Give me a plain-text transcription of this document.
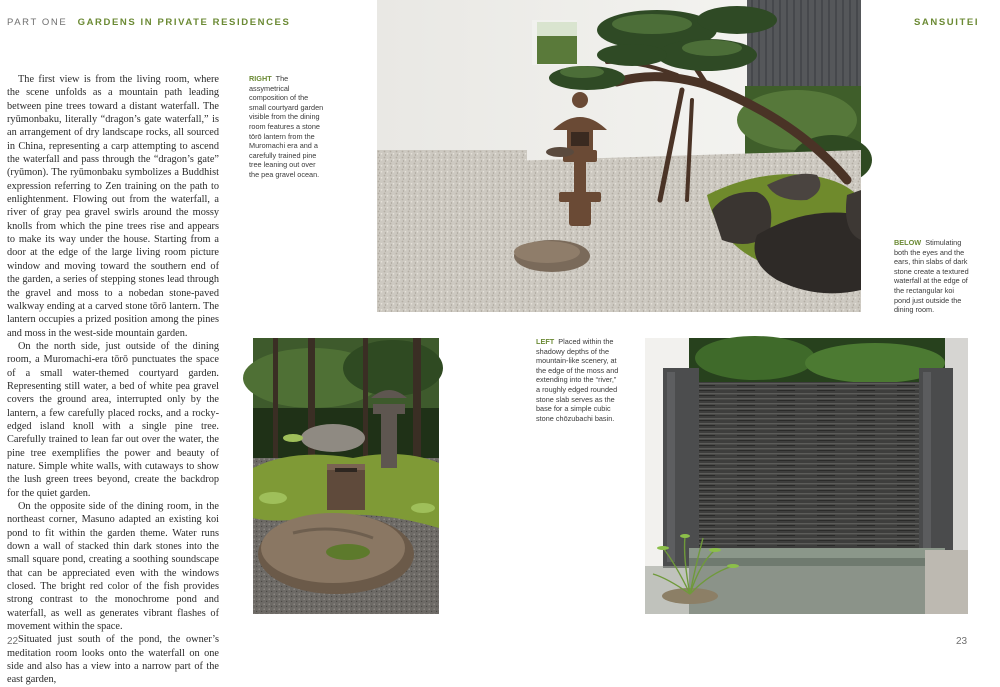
PART ONE GARDENS IN PRIVATE RESIDENCES	SANSUITEI

The first view is from the living room, where the scene unfolds as a mountain path leading between pine trees toward a distant waterfall. The ryūmonbaku, literally “dragon’s gate waterfall,” is an arrangement of dry landscape rocks, all sourced in China, representing a carp attempting to ascend the waterfall and pass through the “dragon’s gate” (ryūmon). The ryūmonbaku symbolizes a Buddhist expression referring to Zen training on the path to enlightenment. Flowing out from the waterfall, a river of gray pea gravel swirls around the mossy knolls from which the pine trees rise and appears to make its way under the house. Starting from a door at the edge of the large living room picture window and moving toward the southern end of the garden, a series of stepping stones lead through the gravel and moss to a nobedan stone-paved walkway ending at a carved stone tōrō lantern. The lantern occupies a prized position among the pines and moss in the west-side mountain garden.

On the north side, just outside of the dining room, a Muromachi-era tōrō punctuates the space of a small water-themed courtyard garden. Representing still water, a bed of white pea gravel covers the ground area, interrupted only by the lantern, a few carefully placed rocks, and a rocky-edged island knoll with a single pine tree. Carefully trained to lean far out over the water, the pine tree exemplifies the power and beauty of nature. Simple white walls, with cutaways to show the lush green trees beyond, create the backdrop for the quiet garden.

On the opposite side of the dining room, in the northeast corner, Masuno adapted an existing koi pond to fit within the garden theme. Water runs down a wall of stacked thin dark stones into the small square pond, creating a soothing soundscape that can be appreciated even with the windows closed. The bright red color of the fish provides strong contrast to the monochrome pond and waterfall, as well as generates vibrant flashes of movement within the space.

Situated just south of the pond, the owner’s meditation room looks onto the waterfall on one side and also has a view into a narrow part of the east garden,

RIGHT The assymetrical composition of the small courtyard garden visible from the dining room features a stone tōrō lantern from the Muromachi era and a carefully trained pine tree leaning out over the pea gravel ocean.
BELOW Stimulating both the eyes and the ears, thin slabs of dark stone create a textured waterfall at the edge of the rectangular koi pond just outside the dining room.
LEFT Placed within the shadowy depths of the mountain-like scenery, at the edge of the moss and extending into the “river,” a roughly edged rounded stone slab serves as the base for a simple cubic stone chōzubachi basin.
22	23
